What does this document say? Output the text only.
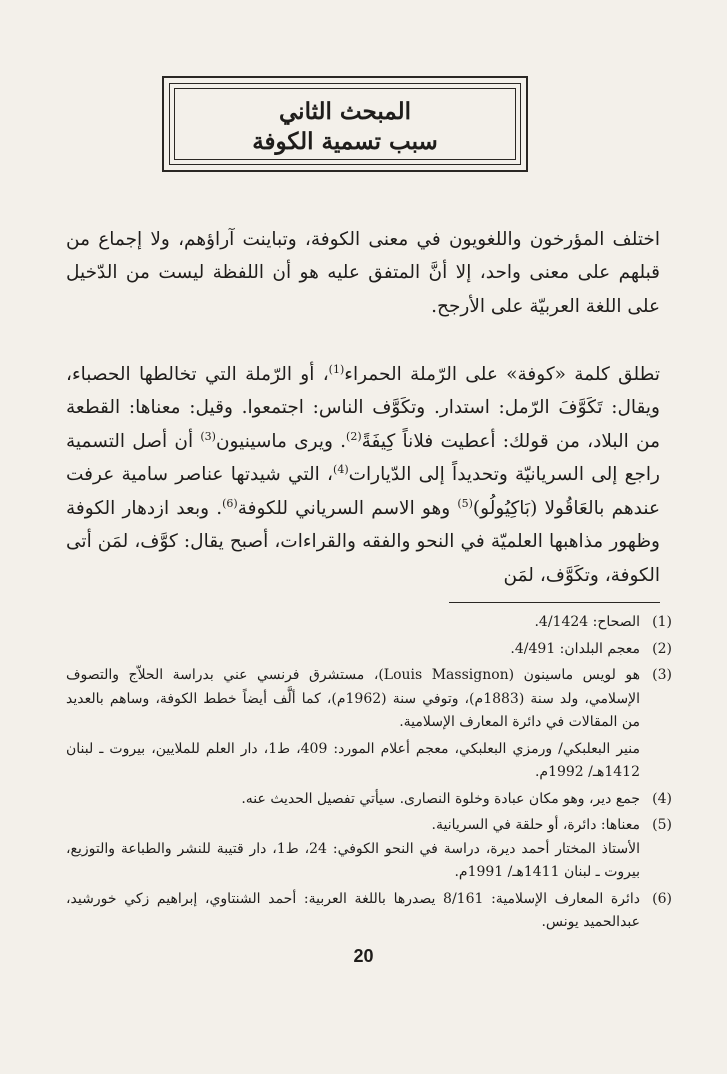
المبحث الثاني
سبب تسمية الكوفة

اختلف المؤرخون واللغويون في معنى الكوفة، وتباينت آراؤهم، ولا إجماع من قبلهم على معنى واحد، إلا أنَّ المتفق عليه هو أن اللفظة ليست من الدّخيل على اللغة العربيّة على الأرجح.

تطلق كلمة «كوفة» على الرّملة الحمراء$^{(1)}$، أو الرّملة التي تخالطها الحصباء، ويقال: تَكَوَّفَ الرّمل: استدار. وتكَوَّف الناس: اجتمعوا. وقيل: معناها: القطعة من البلاد، من قولك: أعطيت فلاناً كِيفَةً$^{(2)}$. ويرى ماسينيون$^{(3)}$ أن أصل التسمية راجع إلى السريانيّة وتحديداً إلى الدّيارات$^{(4)}$، التي شيدتها عناصر سامية عرفت عندهم بالعَاقُولا (بَاكِيُولُو)$^{(5)}$ وهو الاسم السرياني للكوفة$^{(6)}$. وبعد ازدهار الكوفة وظهور مذاهبها العلميّة في النحو والفقه والقراءات، أصبح يقال: كوَّف، لمَن أتى الكوفة، وتكَوَّف، لمَن

(1)
الصحاح: 4/1424.
(2)
معجم البلدان: 4/491.
(3)
هو لويس ماسينون (Louis Massignon)، مستشرق فرنسي عني بدراسة الحلاّج والتصوف الإسلامي، ولد سنة (1883م)، وتوفي سنة (1962م)، كما ألَّف أيضاً خطط الكوفة، وساهم بالعديد من المقالات في دائرة المعارف الإسلامية.
منير البعلبكي/ ورمزي البعلبكي، معجم أعلام المورد: 409، ط1، دار العلم للملايين، بيروت ـ لبنان 1412هـ/ 1992م.
(4)
جمع دير، وهو مكان عبادة وخلوة النصارى. سيأتي تفصيل الحديث عنه.
(5)
معناها: دائرة، أو حلقة في السريانية.
الأستاذ المختار أحمد ديرة، دراسة في النحو الكوفي: 24، ط1، دار قتيبة للنشر والطباعة والتوزيع، بيروت ـ لبنان 1411هـ/ 1991م.
(6)
دائرة المعارف الإسلامية: 8/161 يصدرها باللغة العربية: أحمد الشنتاوي، إبراهيم زكي خورشيد، عبدالحميد يونس.
20
